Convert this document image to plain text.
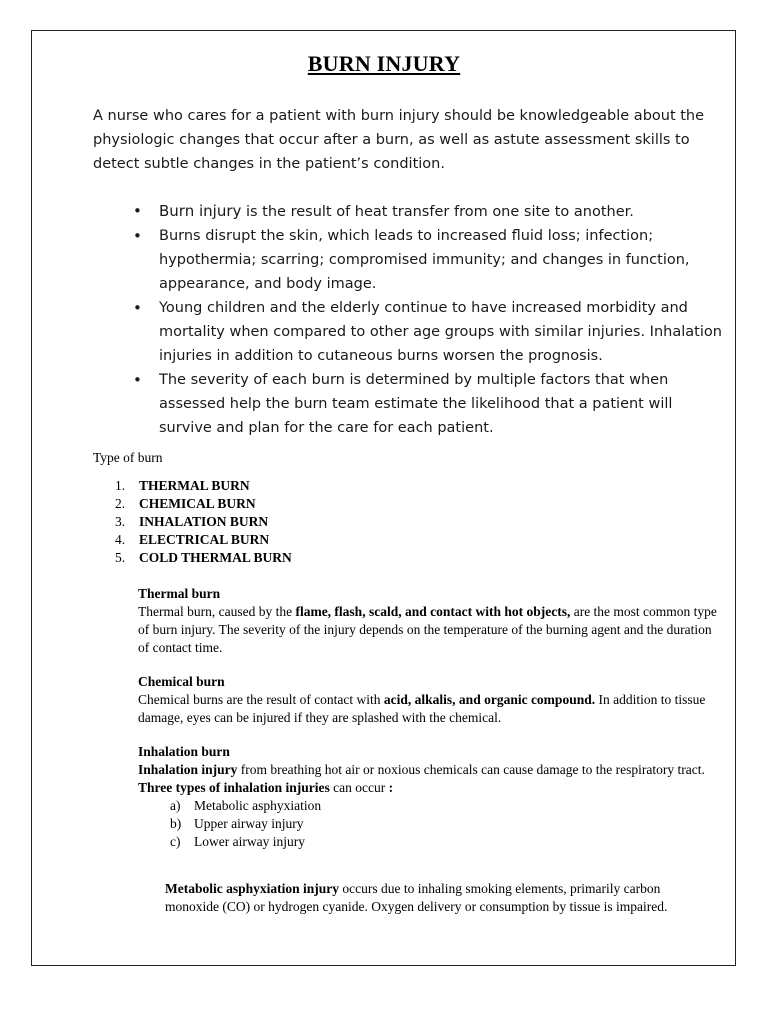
BURN INJURY
A nurse who cares for a patient with burn injury should be knowledgeable about the physiologic changes that occur after a burn, as well as astute assessment skills to detect subtle changes in the patient’s condition.
• Burn injury is the result of heat transfer from one site to another.
• Burns disrupt the skin, which leads to increased fluid loss; infection; hypothermia; scarring; compromised immunity; and changes in function, appearance, and body image.
• Young children and the elderly continue to have increased morbidity and mortality when compared to other age groups with similar injuries. Inhalation injuries in addition to cutaneous burns worsen the prognosis.
• The severity of each burn is determined by multiple factors that when assessed help the burn team estimate the likelihood that a patient will survive and plan for the care for each patient.
Type of burn
1. THERMAL BURN
2. CHEMICAL BURN
3. INHALATION BURN
4. ELECTRICAL BURN
5. COLD THERMAL BURN
Thermal burn
Thermal burn, caused by the flame, flash, scald, and contact with hot objects, are the most common type of burn injury. The severity of the injury depends on the temperature of the burning agent and the duration of contact time.
Chemical burn
Chemical burns are the result of contact with acid, alkalis, and organic compound. In addition to tissue damage, eyes can be injured if they are splashed with the chemical.
Inhalation burn
Inhalation injury from breathing hot air or noxious chemicals can cause damage to the respiratory tract.
Three types of inhalation injuries can occur :
a) Metabolic asphyxiation
b) Upper airway injury
c) Lower airway injury
Metabolic asphyxiation injury occurs due to inhaling smoking elements, primarily carbon monoxide (CO) or hydrogen cyanide. Oxygen delivery or consumption by tissue is impaired.
